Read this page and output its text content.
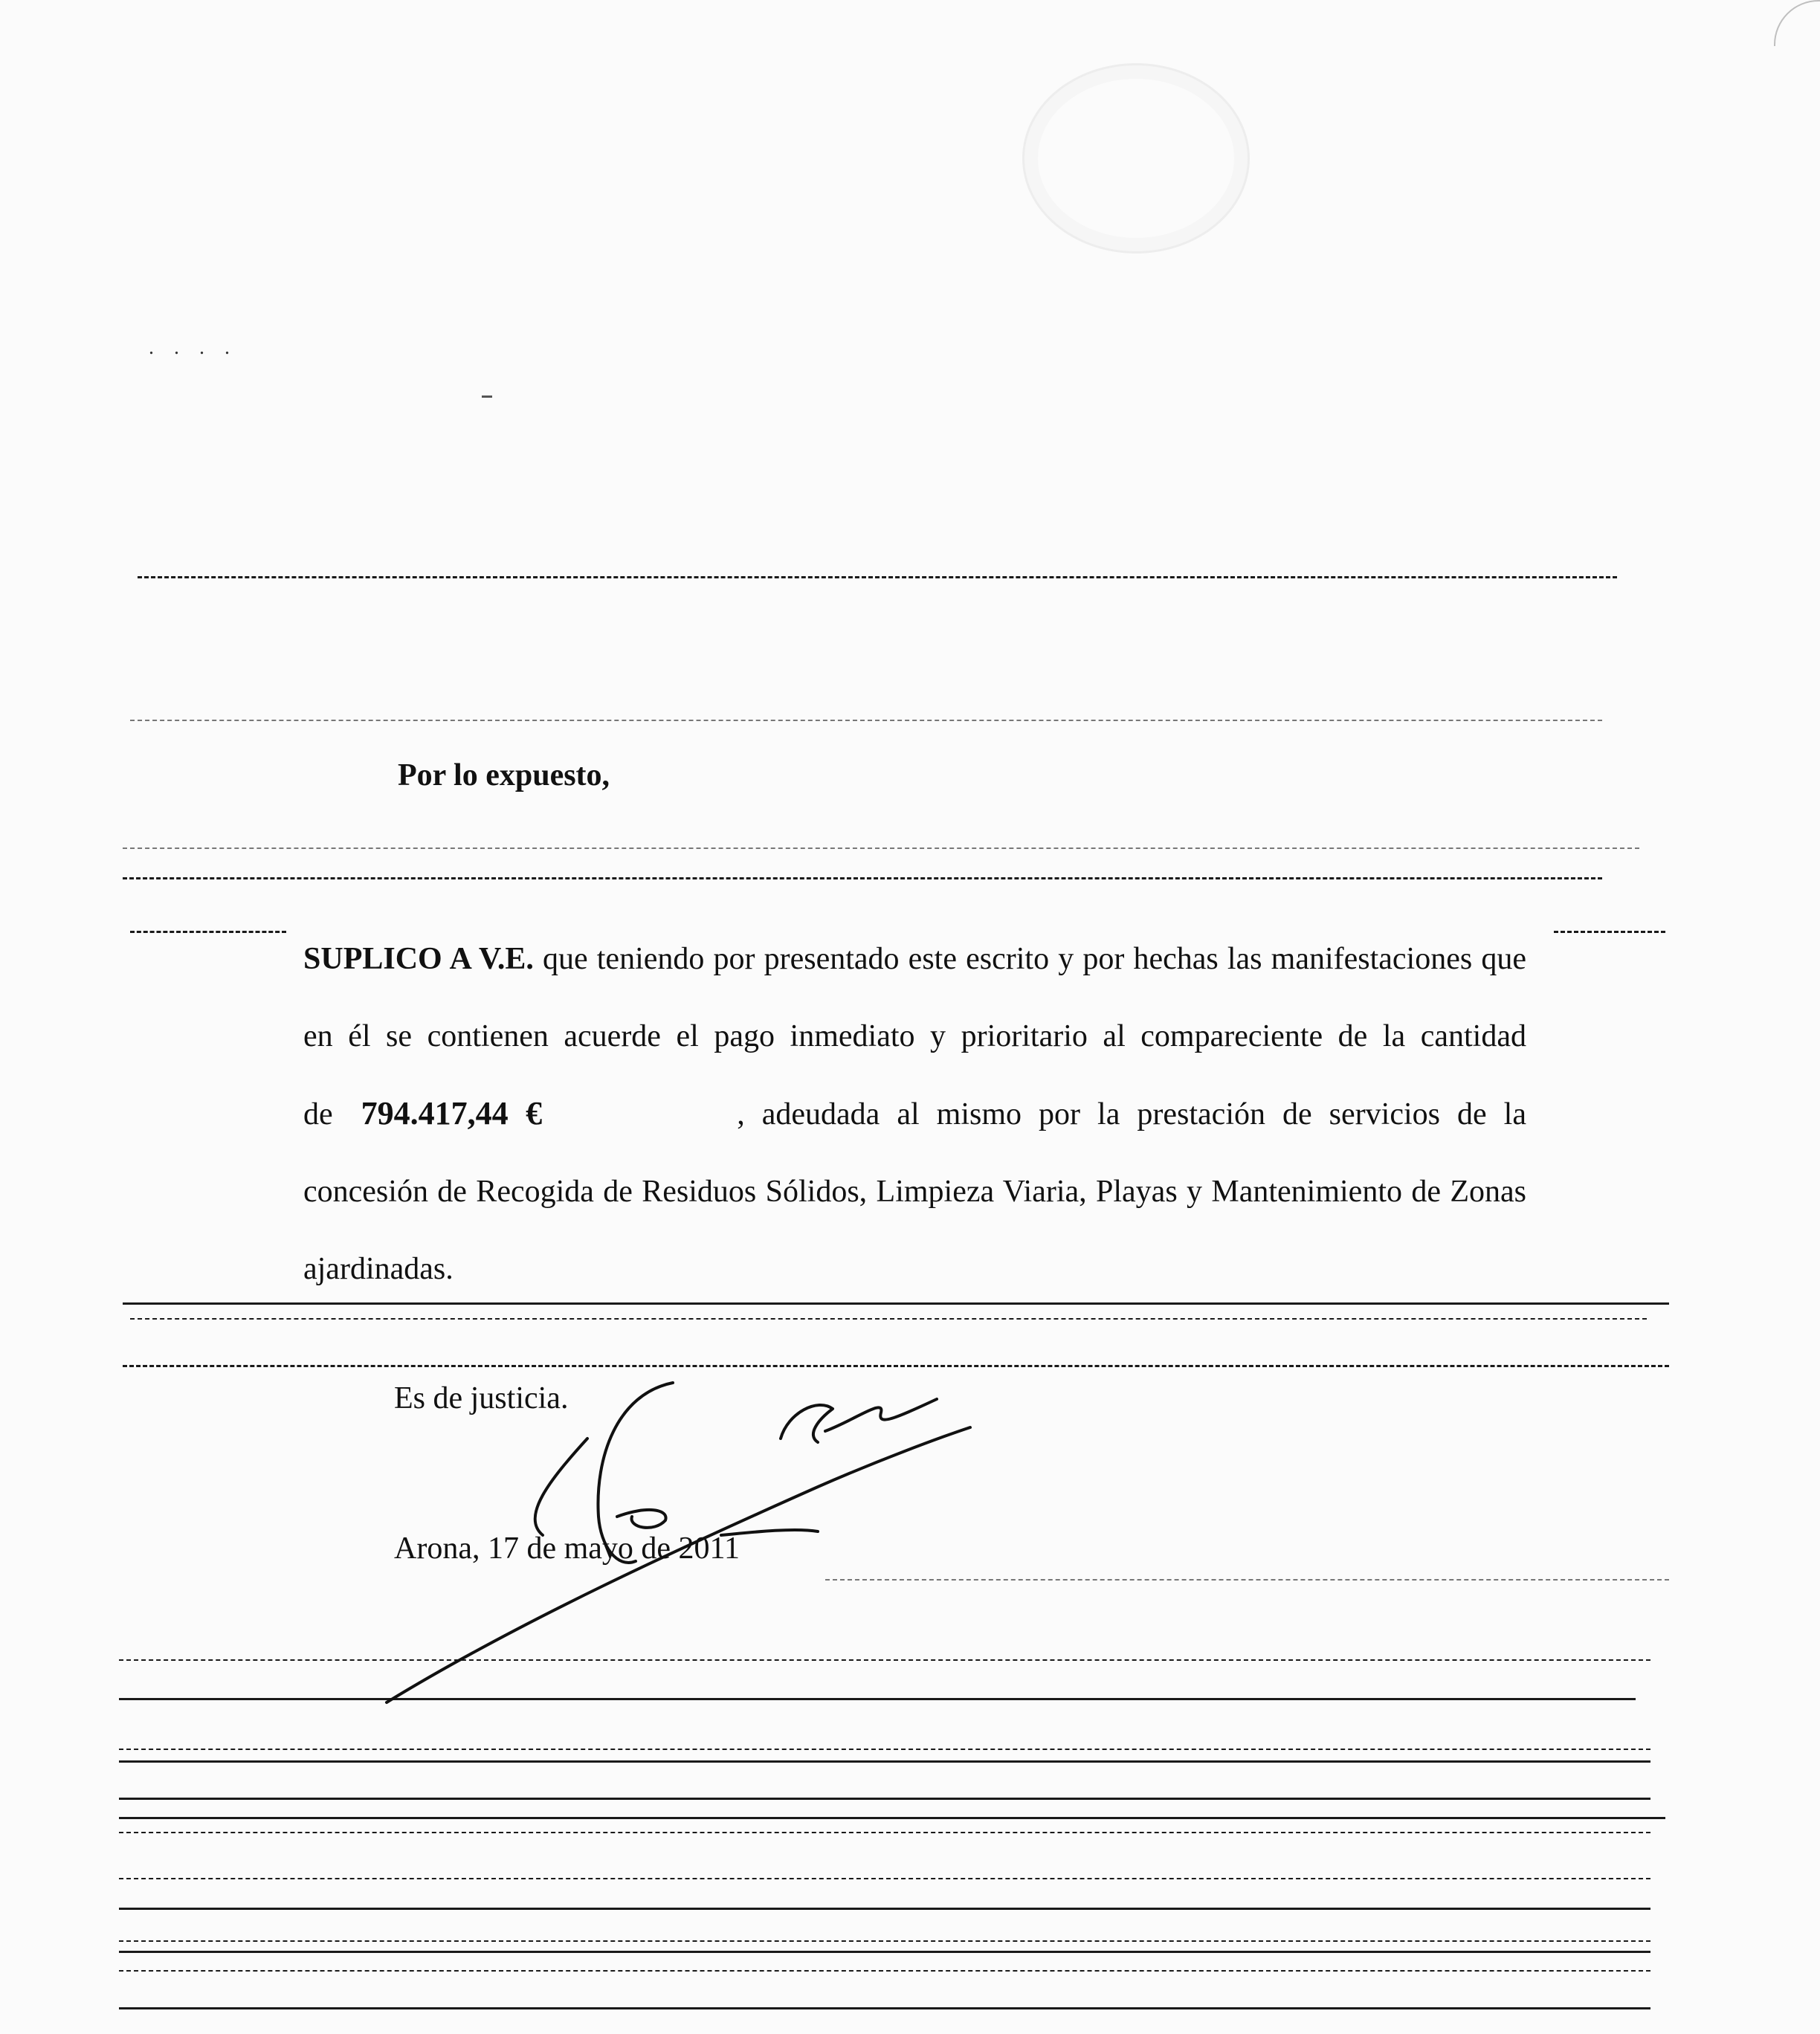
. . . .
Por lo expuesto,
SUPLICO A V.E. que teniendo por presentado este escrito y por hechas las manifestaciones que en él se contienen acuerde el pago inmediato y prioritario al compareciente de la cantidad de 794.417,44 €	, adeudada al mismo por la prestación de servicios de la concesión de Recogida de Residuos Sólidos, Limpieza Viaria, Playas y Mantenimiento de Zonas ajardinadas.
Es de justicia.
Arona, 17 de mayo de 2011
